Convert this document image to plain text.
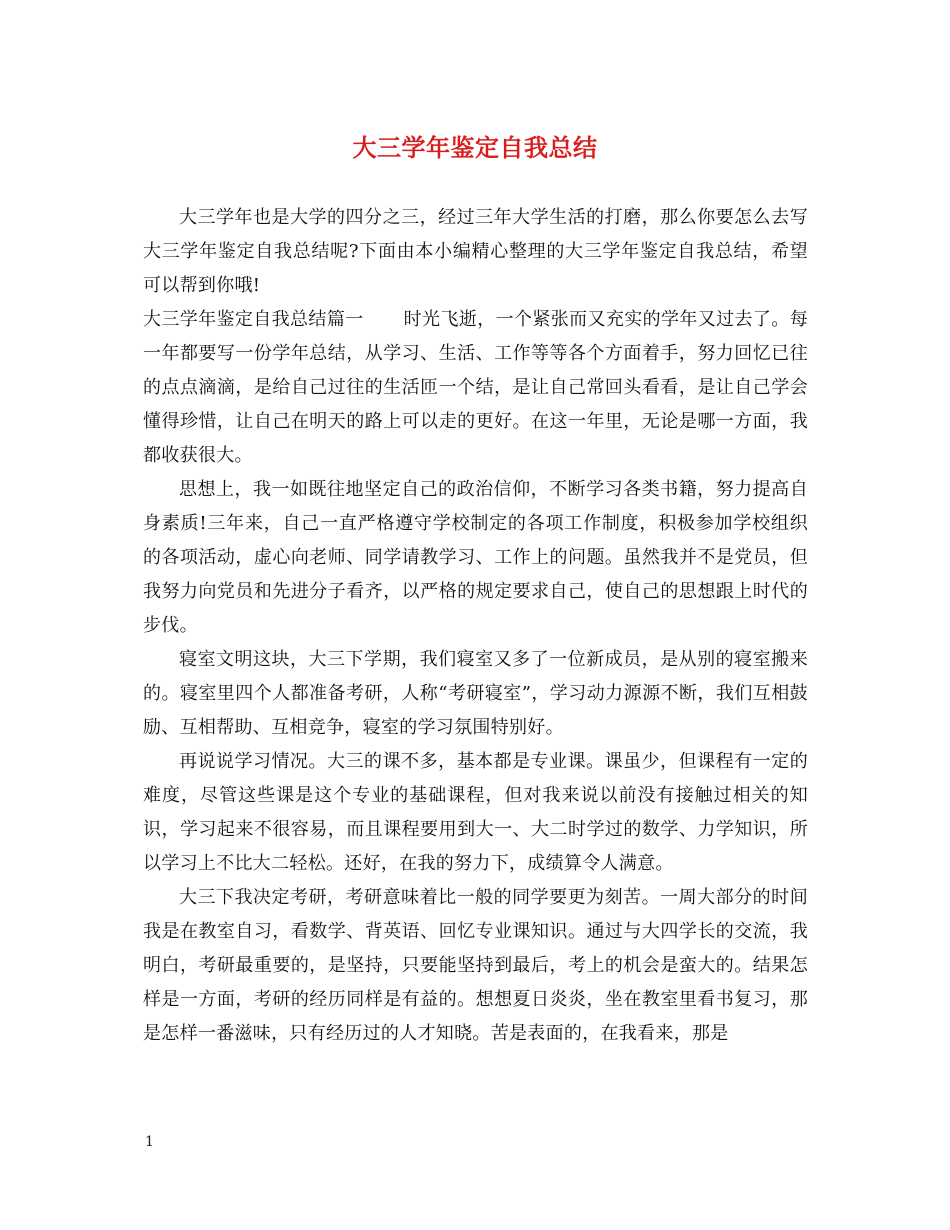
大三学年鉴定自我总结

大三学年也是大学的四分之三，经过三年大学生活的打磨，那么你要怎么去写大三学年鉴定自我总结呢?下面由本小编精心整理的大三学年鉴定自我总结，希望可以帮到你哦!

大三学年鉴定自我总结篇一 时光飞逝，一个紧张而又充实的学年又过去了。每一年都要写一份学年总结，从学习、生活、工作等等各个方面着手，努力回忆已往的点点滴滴，是给自己过往的生活匝一个结，是让自己常回头看看，是让自己学会懂得珍惜，让自己在明天的路上可以走的更好。在这一年里，无论是哪一方面，我都收获很大。

思想上，我一如既往地坚定自己的政治信仰，不断学习各类书籍，努力提高自身素质!三年来，自己一直严格遵守学校制定的各项工作制度，积极参加学校组织的各项活动，虚心向老师、同学请教学习、工作上的问题。虽然我并不是党员，但我努力向党员和先进分子看齐，以严格的规定要求自己，使自己的思想跟上时代的步伐。

寝室文明这块，大三下学期，我们寝室又多了一位新成员，是从别的寝室搬来的。寝室里四个人都准备考研，人称“考研寝室”，学习动力源源不断，我们互相鼓励、互相帮助、互相竞争，寝室的学习氛围特别好。

再说说学习情况。大三的课不多，基本都是专业课。课虽少，但课程有一定的难度，尽管这些课是这个专业的基础课程，但对我来说以前没有接触过相关的知识，学习起来不很容易，而且课程要用到大一、大二时学过的数学、力学知识，所以学习上不比大二轻松。还好，在我的努力下，成绩算令人满意。

大三下我决定考研，考研意味着比一般的同学要更为刻苦。一周大部分的时间我是在教室自习，看数学、背英语、回忆专业课知识。通过与大四学长的交流，我明白，考研最重要的，是坚持，只要能坚持到最后，考上的机会是蛮大的。结果怎样是一方面，考研的经历同样是有益的。想想夏日炎炎，坐在教室里看书复习，那是怎样一番滋味，只有经历过的人才知晓。苦是表面的，在我看来，那是

1
